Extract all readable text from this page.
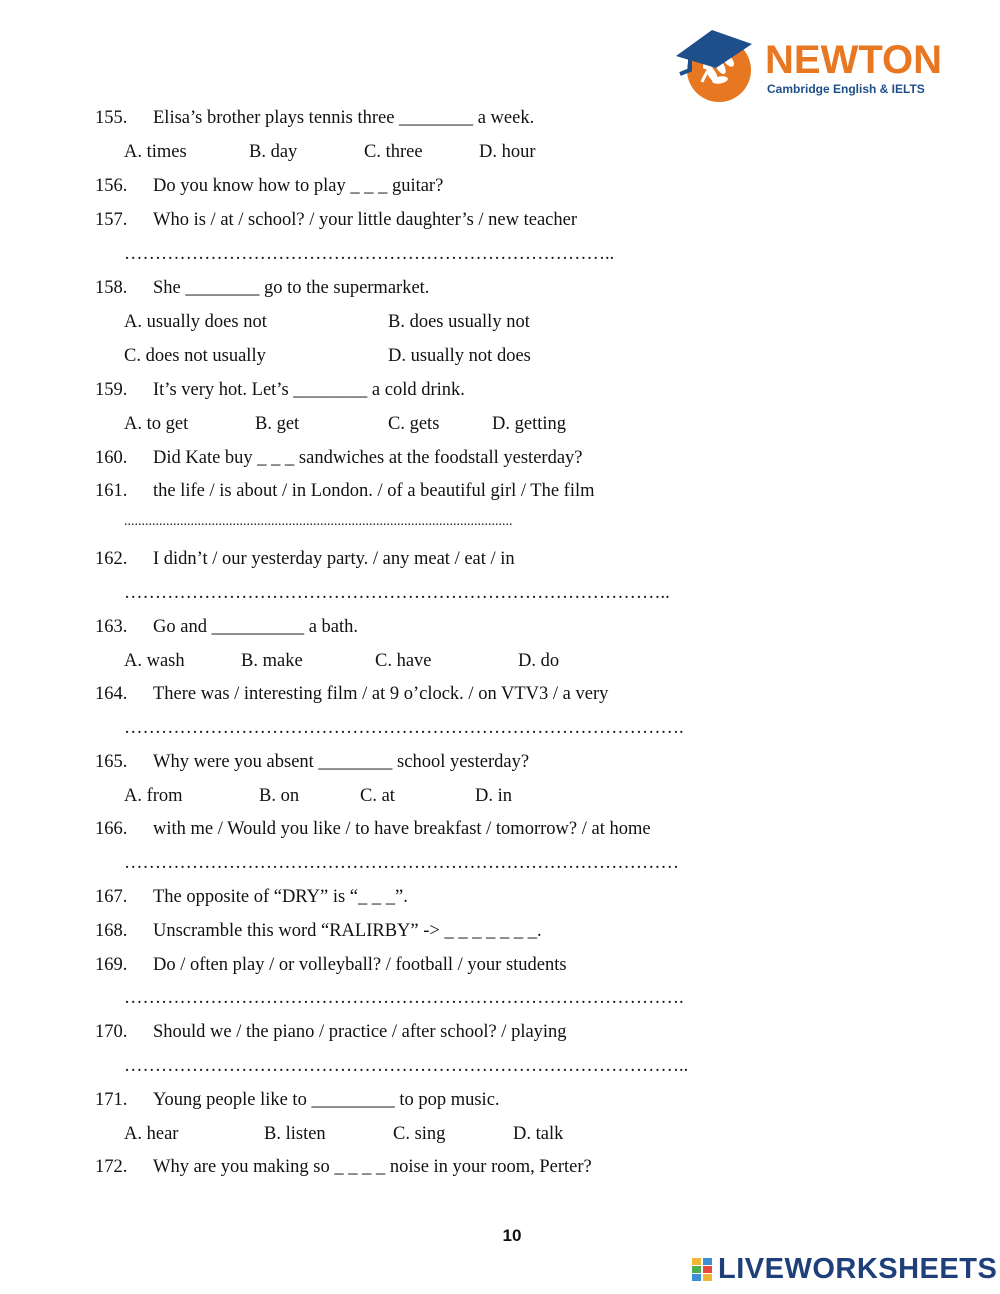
NEWTON
Cambridge English & IELTS
155. Elisa’s brother plays tennis three ________ a week.
A. times	B. day	C. three	D. hour
156. Do you know how to play _ _ _ guitar?
157. Who is / at / school? / your little daughter’s / new teacher
……………………………………………………………………..
158. She ________ go to the supermarket.
A. usually does not	B. does usually not
C. does not usually	D. usually not does
159. It’s very hot. Let’s ________ a cold drink.
A. to get	B. get	C. gets	D. getting
160. Did Kate buy _ _ _ sandwiches at the foodstall yesterday?
161. the life / is about / in London. / of a beautiful girl / The film
...............................................................................................................
162. I didn’t / our yesterday party. / any meat / eat / in
……………………………………………………………………………..
163. Go and __________ a bath.
A. wash	B. make	C. have	D. do
164. There was / interesting film / at 9 o’clock. / on VTV3 / a very
……………………………………………………………………………….
165. Why were you absent ________ school yesterday?
A. from	B. on	C. at	D. in
166. with me / Would you like / to have breakfast / tomorrow? / at home
………………………………………………………………………………
167. The opposite of “DRY” is “_ _ _”.
168. Unscramble this word “RALIRBY” -> _ _ _ _ _ _ _.
169. Do / often play / or volleyball? / football / your students
……………………………………………………………………………….
170. Should we / the piano / practice / after school? / playing
………………………………………………………………………………..
171. Young people like to _________ to pop music.
A. hear	B. listen	C. sing	D. talk
172. Why are you making so _ _ _ _ noise in your room, Perter?
10
LIVEWORKSHEETS
